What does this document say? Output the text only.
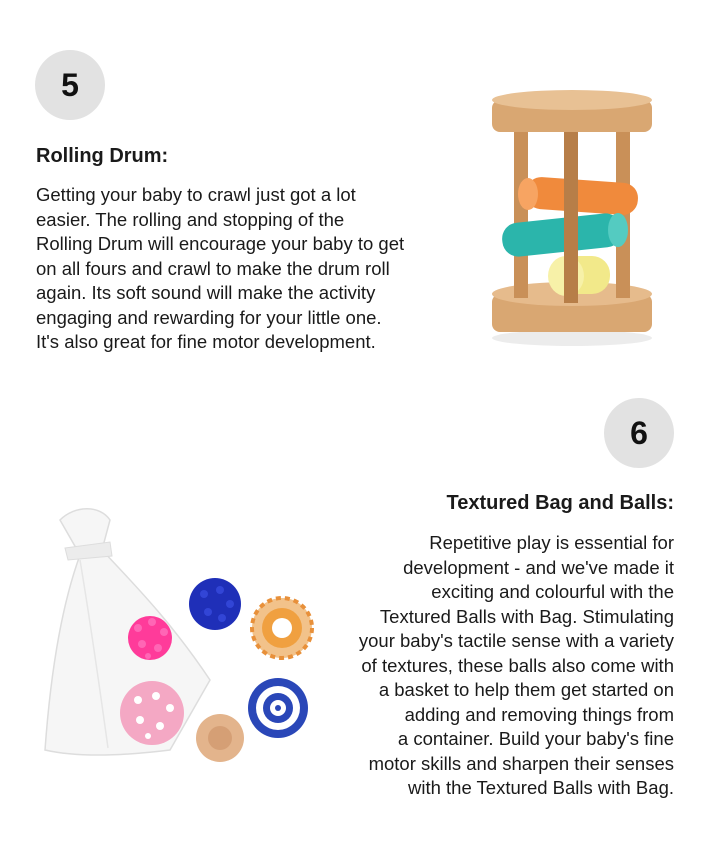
5
Rolling Drum:
Getting your baby to crawl just got a lot
easier. The rolling and stopping of the
Rolling Drum will encourage your baby to get
on all fours and crawl to make the drum roll
again. Its soft sound will make the activity
engaging and rewarding for your little one.
It's also great for fine motor development.
6
Textured Bag and Balls:
Repetitive play is essential for
development - and we've made it
exciting and colourful with the
Textured Balls with Bag. Stimulating
your baby's tactile sense with a variety
of textures, these balls also come with
a basket to help them get started on
adding and removing things from
a container. Build your baby's fine
motor skills and sharpen their senses
with the Textured Balls with Bag.
